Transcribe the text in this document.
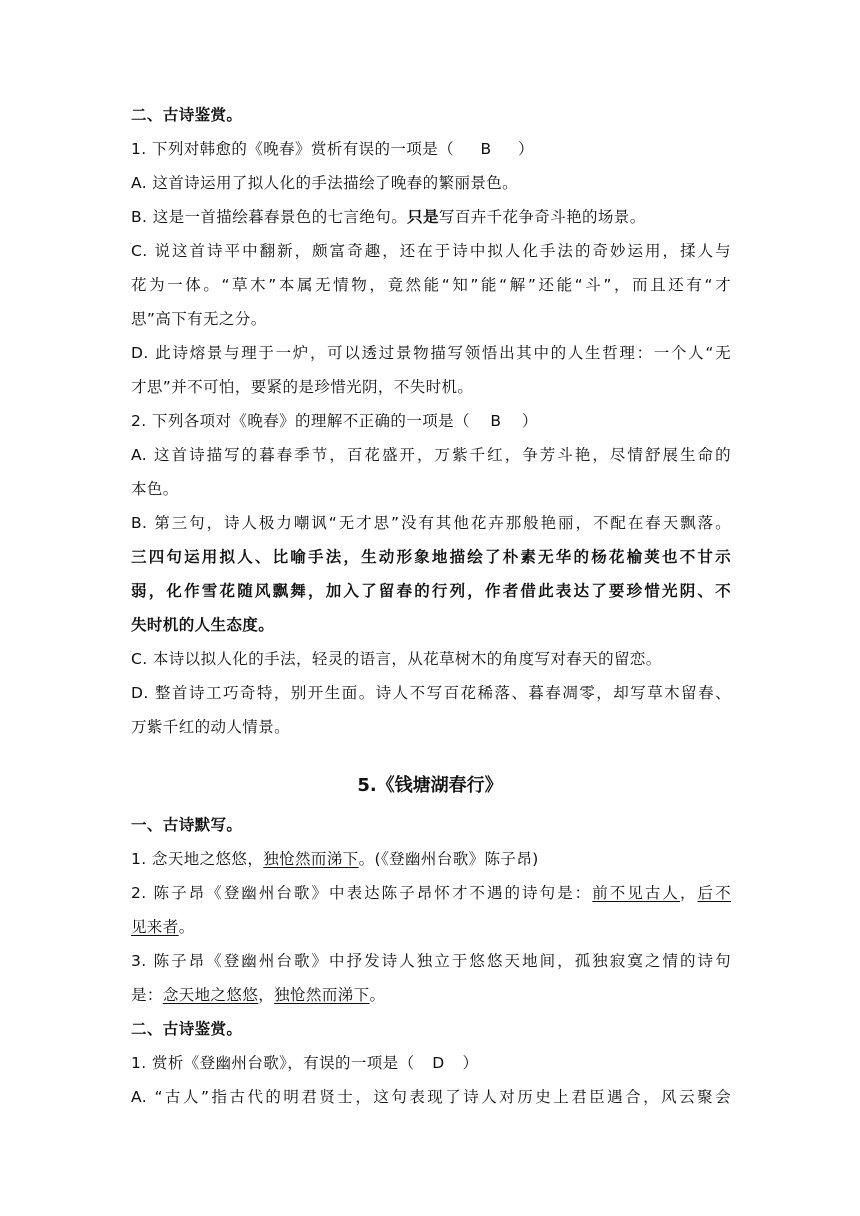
二、古诗鉴赏。
1. 下列对韩愈的《晚春》赏析有误的一项是（ B ）
A. 这首诗运用了拟人化的手法描绘了晚春的繁丽景色。
B. 这是一首描绘暮春景色的七言绝句。只是写百卉千花争奇斗艳的场景。
C. 说这首诗平中翻新，颇富奇趣，还在于诗中拟人化手法的奇妙运用，揉人与
花为一体。“草木”本属无情物，竟然能“知”能“解”还能“斗”，而且还有“才
思”高下有无之分。
D. 此诗熔景与理于一炉，可以透过景物描写领悟出其中的人生哲理：一个人“无
才思”并不可怕，要紧的是珍惜光阴，不失时机。
2. 下列各项对《晚春》的理解不正确的一项是（ B ）
A. 这首诗描写的暮春季节，百花盛开，万紫千红，争芳斗艳，尽情舒展生命的
本色。
B. 第三句，诗人极力嘲讽“无才思”没有其他花卉那般艳丽，不配在春天飘落。
三四句运用拟人、比喻手法，生动形象地描绘了朴素无华的杨花榆荚也不甘示
弱，化作雪花随风飘舞，加入了留春的行列，作者借此表达了要珍惜光阴、不
失时机的人生态度。
C. 本诗以拟人化的手法，轻灵的语言，从花草树木的角度写对春天的留恋。
D. 整首诗工巧奇特，别开生面。诗人不写百花稀落、暮春凋零，却写草木留春、
万紫千红的动人情景。
5.《钱塘湖春行》
一、古诗默写。
1. 念天地之悠悠，独怆然而涕下。(《登幽州台歌》陈子昂)
2. 陈子昂《登幽州台歌》中表达陈子昂怀才不遇的诗句是：前不见古人，后不
见来者。
3. 陈子昂《登幽州台歌》中抒发诗人独立于悠悠天地间，孤独寂寞之情的诗句
是：念天地之悠悠，独怆然而涕下。
二、古诗鉴赏。
1. 赏析《登幽州台歌》，有误的一项是（ D ）
A. “古人”指古代的明君贤士，这句表现了诗人对历史上君臣遇合，风云聚会
